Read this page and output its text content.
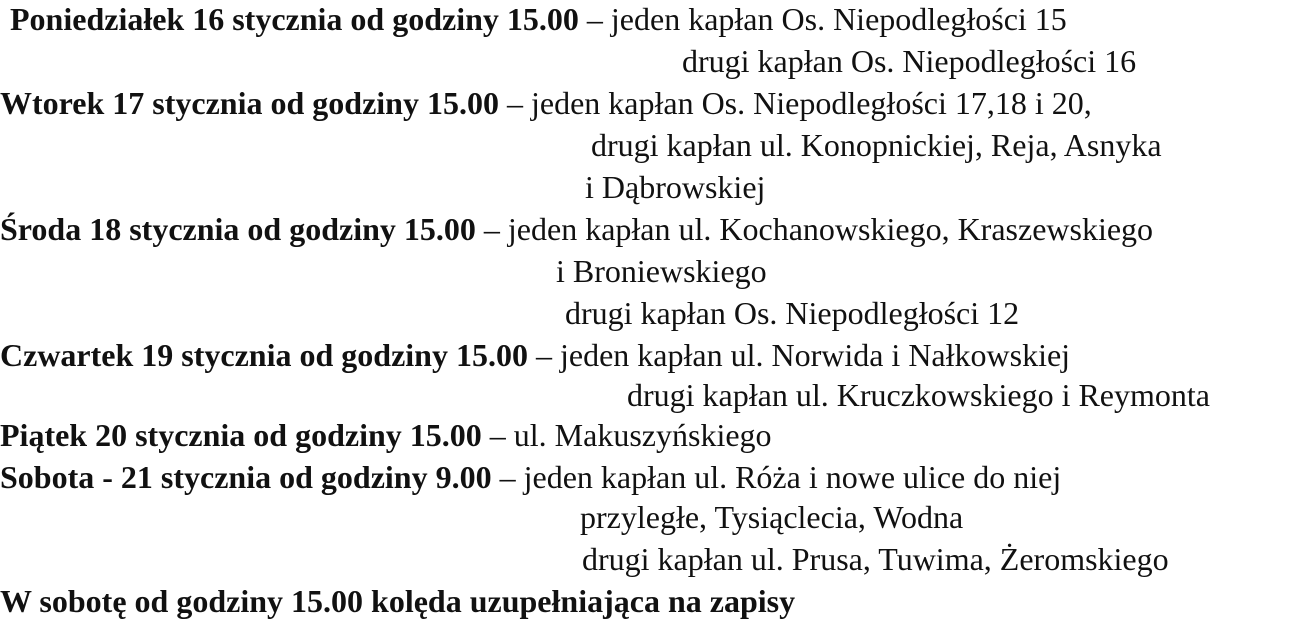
Poniedziałek 16 stycznia od godziny 15.00 – jeden kapłan Os. Niepodległości 15
drugi kapłan Os. Niepodległości 16
Wtorek 17 stycznia od godziny 15.00 – jeden kapłan Os. Niepodległości 17,18 i 20,
drugi kapłan ul. Konopnickiej, Reja, Asnyka
i Dąbrowskiej
Środa 18 stycznia od godziny 15.00 – jeden kapłan ul. Kochanowskiego, Kraszewskiego
i Broniewskiego
drugi kapłan Os. Niepodległości 12
Czwartek 19 stycznia od godziny 15.00 – jeden kapłan ul. Norwida i Nałkowskiej
drugi kapłan ul. Kruczkowskiego i Reymonta
Piątek 20 stycznia od godziny 15.00 – ul. Makuszyńskiego
Sobota - 21 stycznia od godziny 9.00 – jeden kapłan ul. Róża i nowe ulice do niej
przyległe, Tysiąclecia, Wodna
drugi kapłan ul. Prusa, Tuwima, Żeromskiego
W sobotę od godziny 15.00 kolęda uzupełniająca na zapisy
